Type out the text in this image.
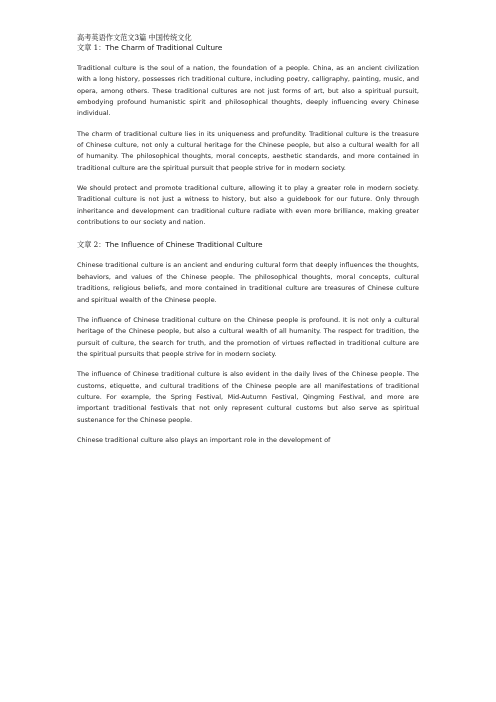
高考英语作文范文3篇 中国传统文化

文章 1：The Charm of Traditional Culture

Traditional culture is the soul of a nation, the foundation of a people. China, as an ancient civilization with a long history, possesses rich traditional culture, including poetry, calligraphy, painting, music, and opera, among others. These traditional cultures are not just forms of art, but also a spiritual pursuit, embodying profound humanistic spirit and philosophical thoughts, deeply influencing every Chinese individual.

The charm of traditional culture lies in its uniqueness and profundity. Traditional culture is the treasure of Chinese culture, not only a cultural heritage for the Chinese people, but also a cultural wealth for all of humanity. The philosophical thoughts, moral concepts, aesthetic standards, and more contained in traditional culture are the spiritual pursuit that people strive for in modern society.

We should protect and promote traditional culture, allowing it to play a greater role in modern society. Traditional culture is not just a witness to history, but also a guidebook for our future. Only through inheritance and development can traditional culture radiate with even more brilliance, making greater contributions to our society and nation.

文章 2：The Influence of Chinese Traditional Culture

Chinese traditional culture is an ancient and enduring cultural form that deeply influences the thoughts, behaviors, and values of the Chinese people. The philosophical thoughts, moral concepts, cultural traditions, religious beliefs, and more contained in traditional culture are treasures of Chinese culture and spiritual wealth of the Chinese people.

The influence of Chinese traditional culture on the Chinese people is profound. It is not only a cultural heritage of the Chinese people, but also a cultural wealth of all humanity. The respect for tradition, the pursuit of culture, the search for truth, and the promotion of virtues reflected in traditional culture are the spiritual pursuits that people strive for in modern society.

The influence of Chinese traditional culture is also evident in the daily lives of the Chinese people. The customs, etiquette, and cultural traditions of the Chinese people are all manifestations of traditional culture. For example, the Spring Festival, Mid-Autumn Festival, Qingming Festival, and more are important traditional festivals that not only represent cultural customs but also serve as spiritual sustenance for the Chinese people.

Chinese traditional culture also plays an important role in the development of
